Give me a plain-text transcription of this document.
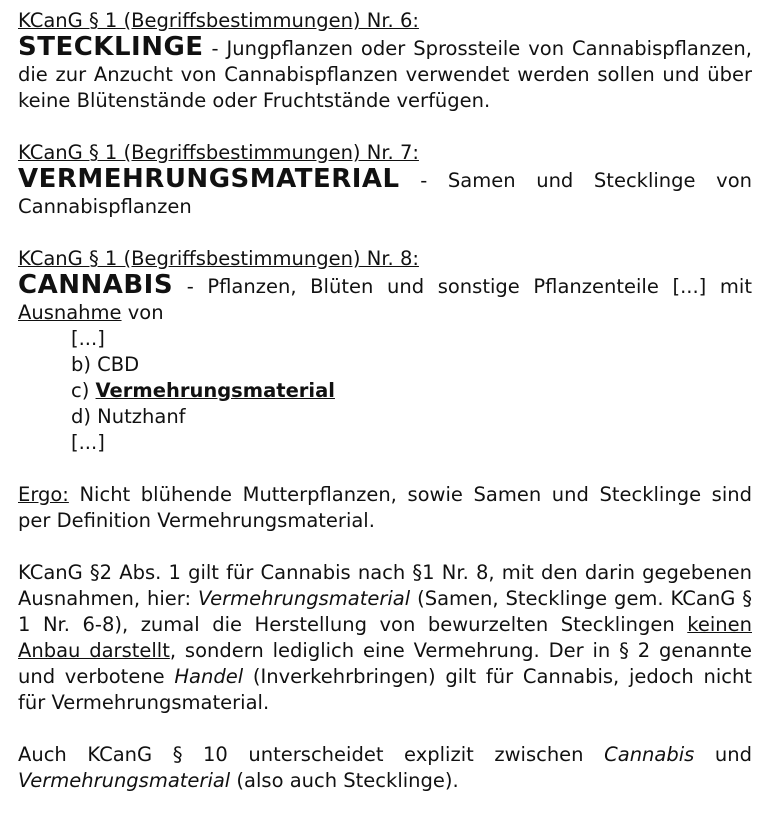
KCanG § 1 (Begriffsbestimmungen) Nr. 6:
STECKLINGE - Jungpflanzen oder Sprossteile von Cannabispflanzen, die zur Anzucht von Cannabispflanzen verwendet werden sollen und über keine Blütenstände oder Fruchtstände verfügen.
KCanG § 1 (Begriffsbestimmungen) Nr. 7:
VERMEHRUNGSMATERIAL - Samen und Stecklinge von Cannabispflanzen
KCanG § 1 (Begriffsbestimmungen) Nr. 8:
CANNABIS - Pflanzen, Blüten und sonstige Pflanzenteile [...] mit Ausnahme von
[...]
b) CBD
c) Vermehrungsmaterial
d) Nutzhanf
[...]
Ergo: Nicht blühende Mutterpflanzen, sowie Samen und Stecklinge sind per Definition Vermehrungsmaterial.
KCanG §2 Abs. 1 gilt für Cannabis nach §1 Nr. 8, mit den darin gegebenen Ausnahmen, hier: Vermehrungsmaterial (Samen, Stecklinge gem. KCanG § 1 Nr. 6-8), zumal die Herstellung von bewurzelten Stecklingen keinen Anbau darstellt, sondern lediglich eine Vermehrung. Der in § 2 genannte und verbotene Handel (Inverkehrbringen) gilt für Cannabis, jedoch nicht für Vermehrungsmaterial.
Auch KCanG § 10 unterscheidet explizit zwischen Cannabis und Vermehrungsmaterial (also auch Stecklinge).
